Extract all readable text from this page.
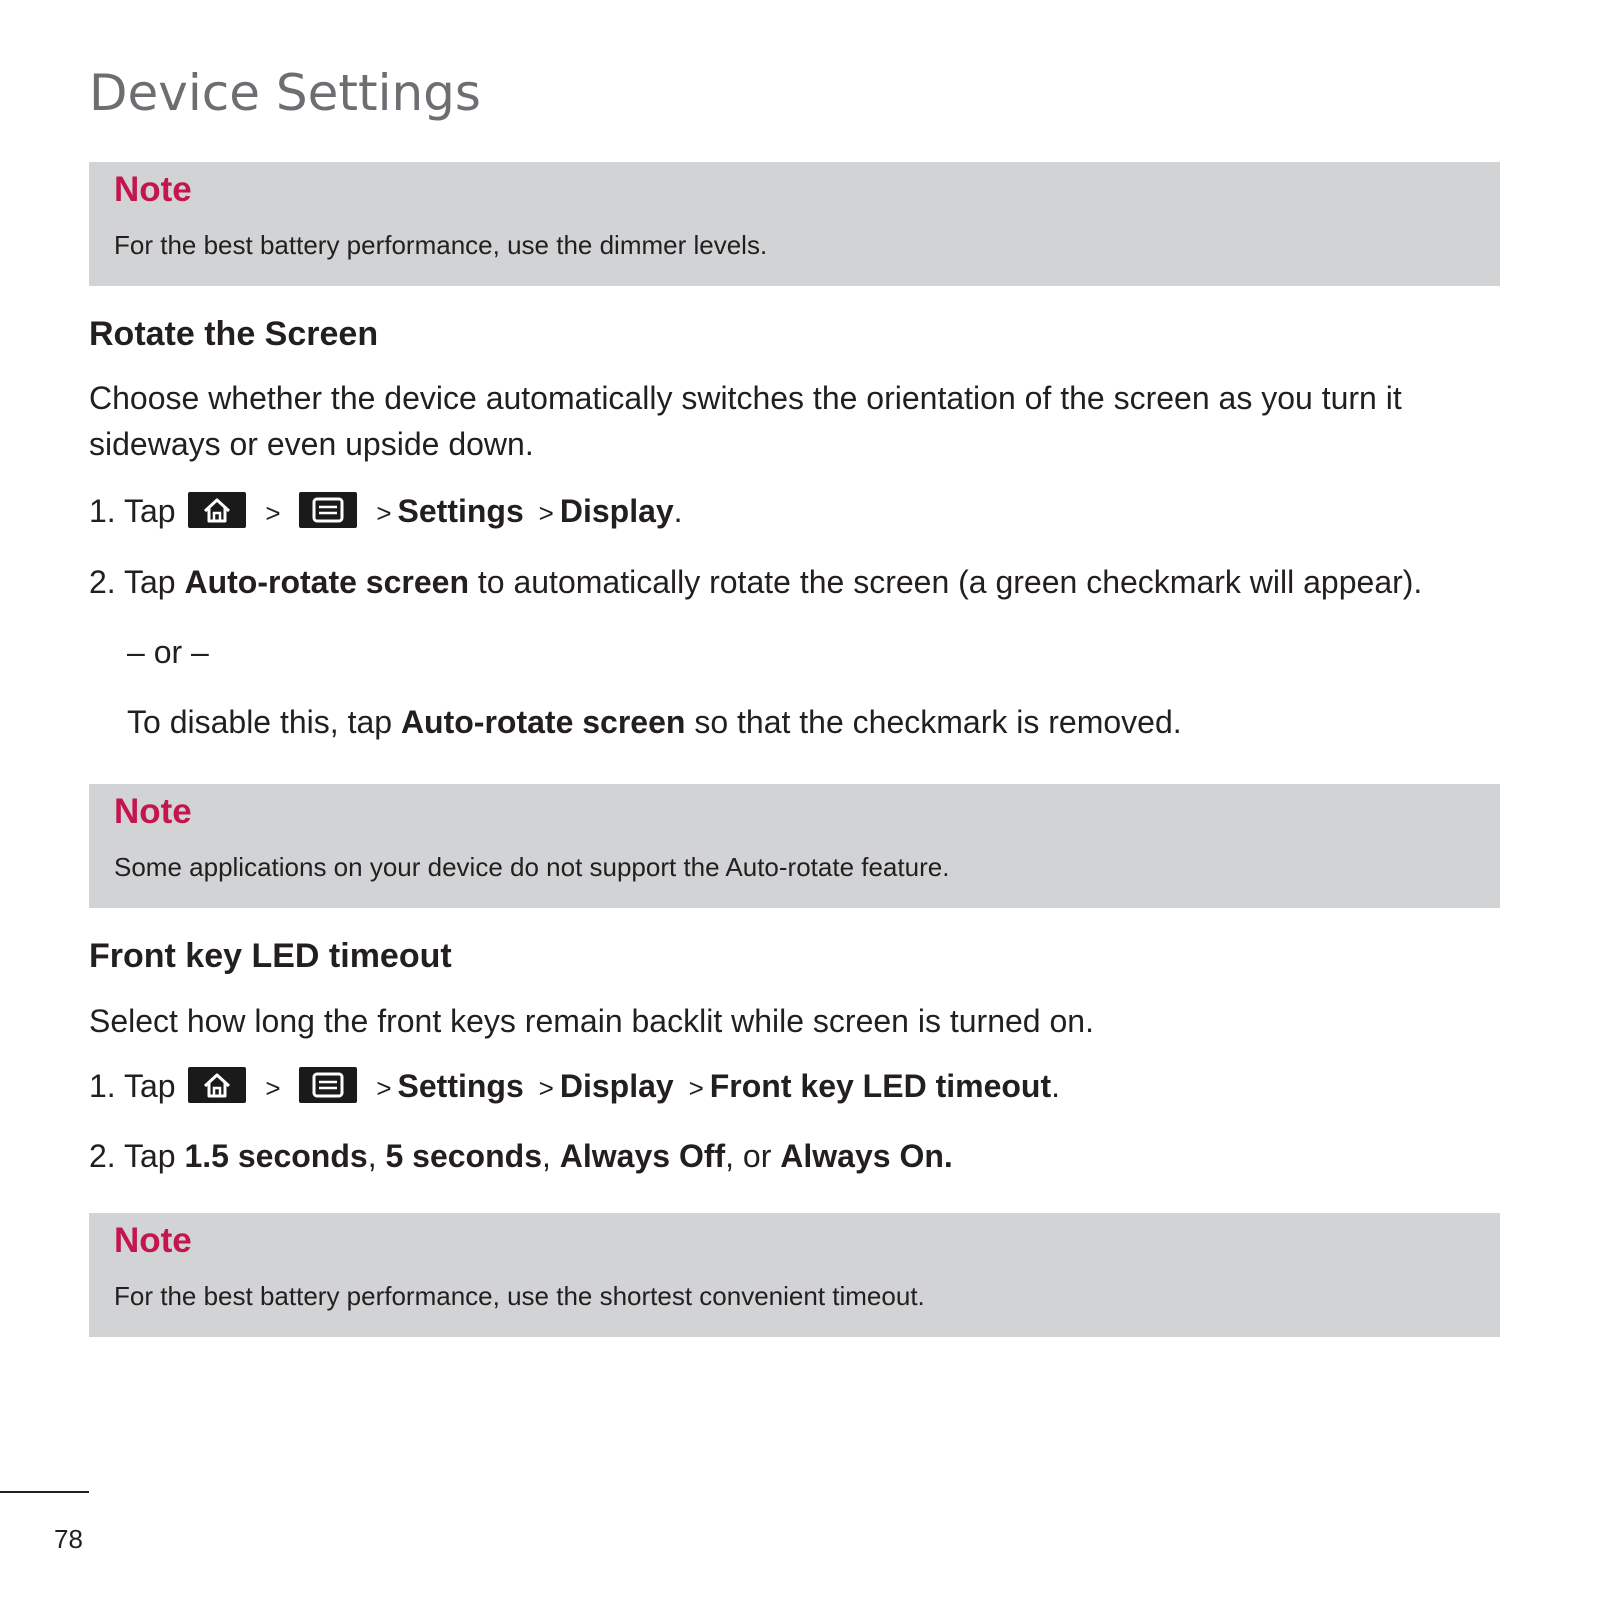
Device Settings

Note

For the best battery performance, use the dimmer levels.

Rotate the Screen

Choose whether the device automatically switches the orientation of the screen as you turn it sideways or even upside down.

1. Tap	>	> Settings > Display.

2. Tap Auto-rotate screen to automatically rotate the screen (a green checkmark will appear).

– or –

To disable this, tap Auto-rotate screen so that the checkmark is removed.

Note

Some applications on your device do not support the Auto-rotate feature.

Front key LED timeout

Select how long the front keys remain backlit while screen is turned on.

1. Tap	>	> Settings > Display > Front key LED timeout.

2. Tap 1.5 seconds, 5 seconds, Always Off, or Always On.

Note

For the best battery performance, use the shortest convenient timeout.

78
